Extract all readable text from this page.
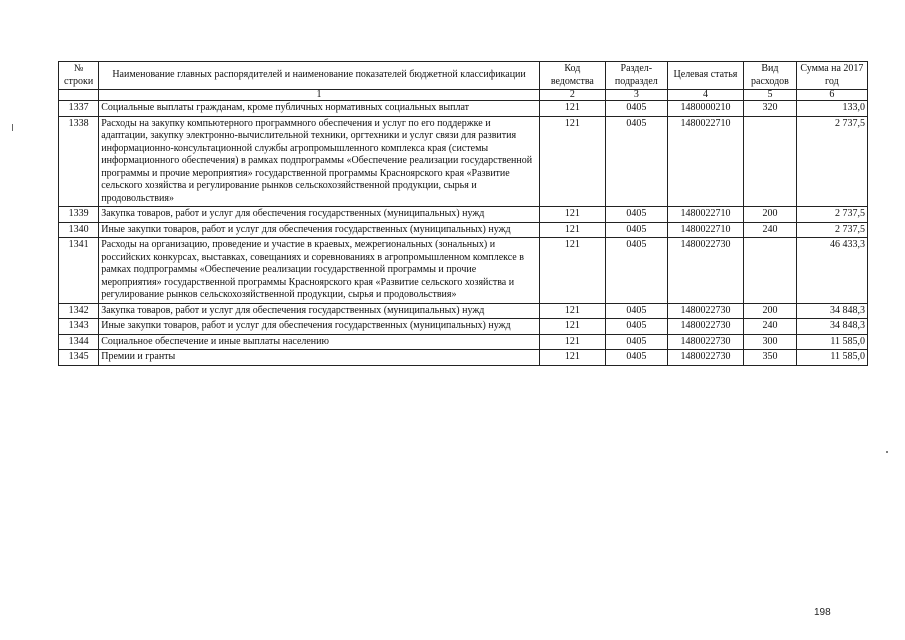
№ строки	Наименование главных распорядителей и наименование показателей бюджетной классификации	Код ведомства	Раздел-подраздел	Целевая статья	Вид расходов	Сумма на 2017 год
	1	2	3	4	5	6
1337	Социальные выплаты гражданам, кроме публичных нормативных социальных выплат	121	0405	1480000210	320	133,0
1338	Расходы на закупку компьютерного программного обеспечения и услуг по его поддержке и адаптации, закупку электронно-вычислительной техники, оргтехники и услуг связи для развития информационно-консультационной службы агропромышленного комплекса края (системы информационного обеспечения) в рамках подпрограммы «Обеспечение реализации государственной программы и прочие мероприятия» государственной программы Красноярского края «Развитие сельского хозяйства и регулирование рынков сельскохозяйственной продукции, сырья и продовольствия»	121	0405	1480022710		2 737,5
1339	Закупка товаров, работ и услуг для обеспечения государственных (муниципальных) нужд	121	0405	1480022710	200	2 737,5
1340	Иные закупки товаров, работ и услуг для обеспечения государственных (муниципальных) нужд	121	0405	1480022710	240	2 737,5
1341	Расходы на организацию, проведение и участие в краевых, межрегиональных (зональных) и российских конкурсах, выставках, совещаниях и соревнованиях в агропромышленном комплексе в рамках подпрограммы «Обеспечение реализации государственной программы и прочие мероприятия» государственной программы Красноярского края «Развитие сельского хозяйства и регулирование рынков сельскохозяйственной продукции, сырья и продовольствия»	121	0405	1480022730		46 433,3
1342	Закупка товаров, работ и услуг для обеспечения государственных (муниципальных) нужд	121	0405	1480022730	200	34 848,3
1343	Иные закупки товаров, работ и услуг для обеспечения государственных (муниципальных) нужд	121	0405	1480022730	240	34 848,3
1344	Социальное обеспечение и иные выплаты населению	121	0405	1480022730	300	11 585,0
1345	Премии и гранты	121	0405	1480022730	350	11 585,0
198
